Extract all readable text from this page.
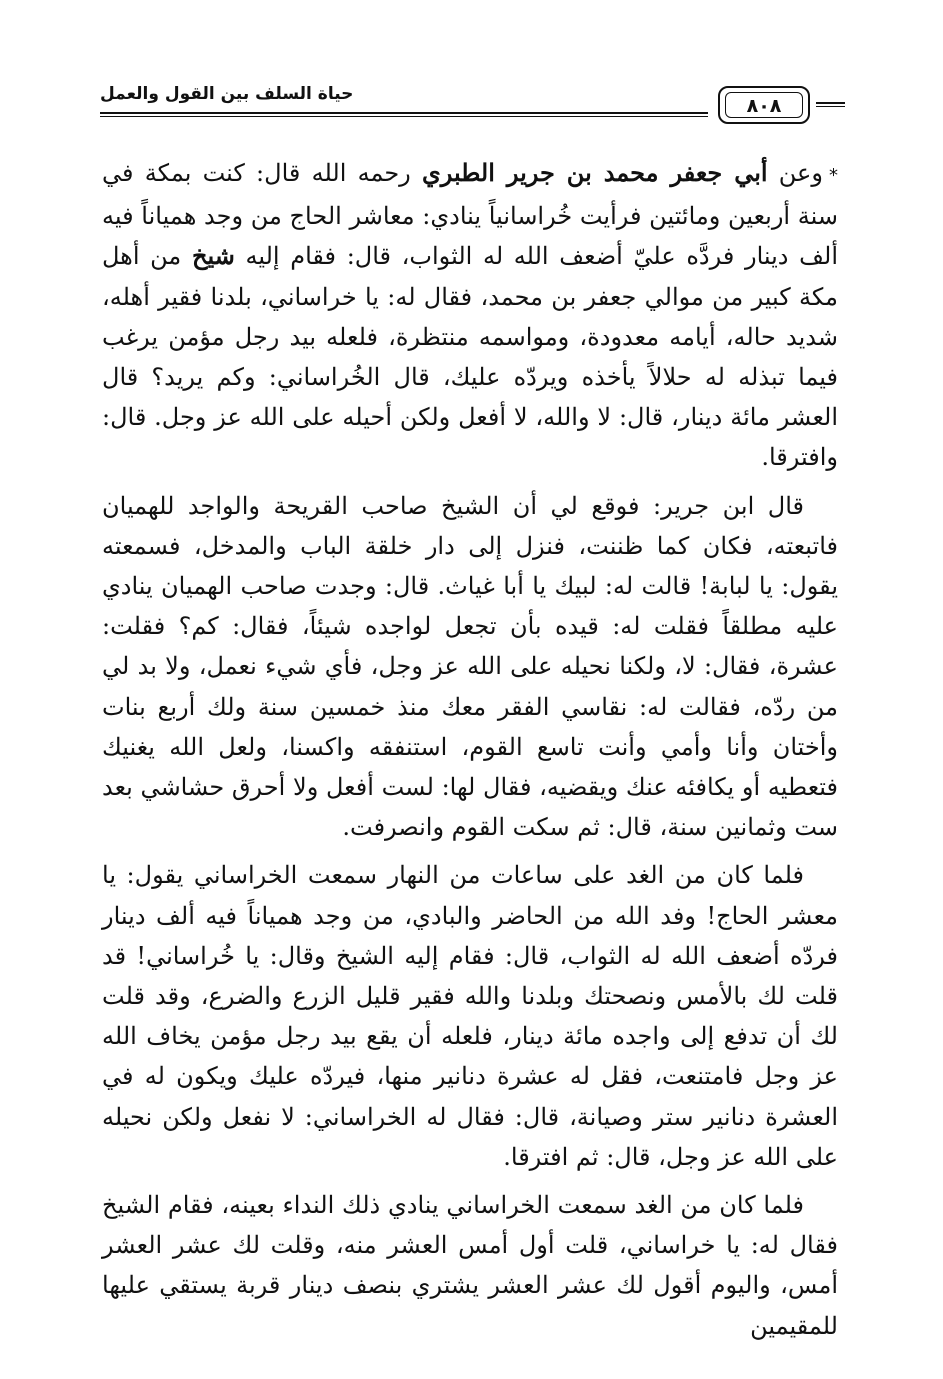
حياة السلف بين القول والعمل
٨٠٨

*وعن أبي جعفر محمد بن جرير الطبري رحمه الله قال: كنت بمكة في سنة أربعين ومائتين فرأيت خُراسانياً ينادي: معاشر الحاج من وجد همياناً فيه ألف دينار فردَّه عليّ أضعف الله له الثواب، قال: فقام إليه شيخ من أهل مكة كبير من موالي جعفر بن محمد، فقال له: يا خراساني، بلدنا فقير أهله، شديد حاله، أيامه معدودة، ومواسمه منتظرة، فلعله بيد رجل مؤمن يرغب فيما تبذله له حلالاً يأخذه ويردّه عليك، قال الخُراساني: وكم يريد؟ قال العشر مائة دينار، قال: لا والله، لا أفعل ولكن أحيله على الله عز وجل. قال: وافترقا.

قال ابن جرير: فوقع لي أن الشيخ صاحب القريحة والواجد للهميان فاتبعته، فكان كما ظننت، فنزل إلى دار خلقة الباب والمدخل، فسمعته يقول: يا لبابة! قالت له: لبيك يا أبا غياث. قال: وجدت صاحب الهميان ينادي عليه مطلقاً فقلت له: قيده بأن تجعل لواجده شيئاً، فقال: كم؟ فقلت: عشرة، فقال: لا، ولكنا نحيله على الله عز وجل، فأي شيء نعمل، ولا بد لي من ردّه، فقالت له: نقاسي الفقر معك منذ خمسين سنة ولك أربع بنات وأختان وأنا وأمي وأنت تاسع القوم، استنفقه واكسنا، ولعل الله يغنيك فتعطيه أو يكافئه عنك ويقضيه، فقال لها: لست أفعل ولا أحرق حشاشي بعد ست وثمانين سنة، قال: ثم سكت القوم وانصرفت.

فلما كان من الغد على ساعات من النهار سمعت الخراساني يقول: يا معشر الحاج! وفد الله من الحاضر والبادي، من وجد همياناً فيه ألف دينار فردّه أضعف الله له الثواب، قال: فقام إليه الشيخ وقال: يا خُراساني! قد قلت لك بالأمس ونصحتك وبلدنا والله فقير قليل الزرع والضرع، وقد قلت لك أن تدفع إلى واجده مائة دينار، فلعله أن يقع بيد رجل مؤمن يخاف الله عز وجل فامتنعت، فقل له عشرة دنانير منها، فيردّه عليك ويكون له في العشرة دنانير ستر وصيانة، قال: فقال له الخراساني: لا نفعل ولكن نحيله على الله عز وجل، قال: ثم افترقا.

فلما كان من الغد سمعت الخراساني ينادي ذلك النداء بعينه، فقام الشيخ فقال له: يا خراساني، قلت أول أمس العشر منه، وقلت لك عشر العشر أمس، واليوم أقول لك عشر العشر يشتري بنصف دينار قربة يستقي عليها للمقيمين
